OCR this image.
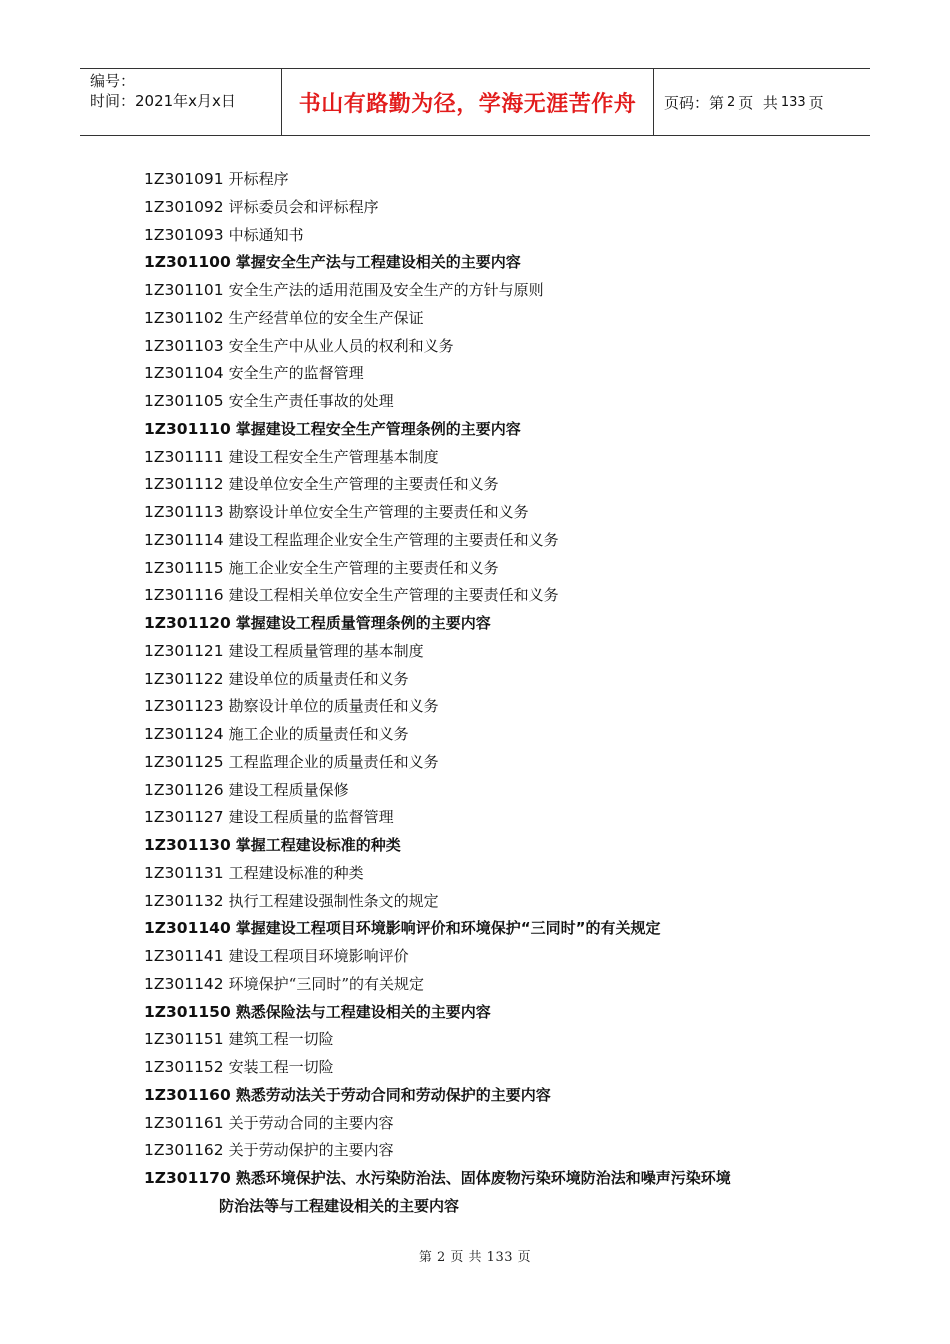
编号：
时间：2021年x月x日	书山有路勤为径，学海无涯苦作舟 页码：第 2 页  共 133 页
1Z301091 开标程序
1Z301092 评标委员会和评标程序
1Z301093 中标通知书
1Z301100 掌握安全生产法与工程建设相关的主要内容
1Z301101 安全生产法的适用范围及安全生产的方针与原则
1Z301102 生产经营单位的安全生产保证
1Z301103 安全生产中从业人员的权利和义务
1Z301104 安全生产的监督管理
1Z301105 安全生产责任事故的处理
1Z301110 掌握建设工程安全生产管理条例的主要内容
1Z301111 建设工程安全生产管理基本制度
1Z301112 建设单位安全生产管理的主要责任和义务
1Z301113 勘察设计单位安全生产管理的主要责任和义务
1Z301114 建设工程监理企业安全生产管理的主要责任和义务
1Z301115 施工企业安全生产管理的主要责任和义务
1Z301116 建设工程相关单位安全生产管理的主要责任和义务
1Z301120 掌握建设工程质量管理条例的主要内容
1Z301121 建设工程质量管理的基本制度
1Z301122 建设单位的质量责任和义务
1Z301123 勘察设计单位的质量责任和义务
1Z301124 施工企业的质量责任和义务
1Z301125 工程监理企业的质量责任和义务
1Z301126 建设工程质量保修
1Z301127 建设工程质量的监督管理
1Z301130 掌握工程建设标准的种类
1Z301131 工程建设标准的种类
1Z301132 执行工程建设强制性条文的规定
1Z301140 掌握建设工程项目环境影响评价和环境保护“三同时”的有关规定
1Z301141 建设工程项目环境影响评价
1Z301142 环境保护“三同时”的有关规定
1Z301150 熟悉保险法与工程建设相关的主要内容
1Z301151 建筑工程一切险
1Z301152 安装工程一切险
1Z301160 熟悉劳动法关于劳动合同和劳动保护的主要内容
1Z301161 关于劳动合同的主要内容
1Z301162 关于劳动保护的主要内容
1Z301170 熟悉环境保护法、水污染防治法、固体废物污染环境防治法和噪声污染环境
防治法等与工程建设相关的主要内容
第 2 页 共 133 页
